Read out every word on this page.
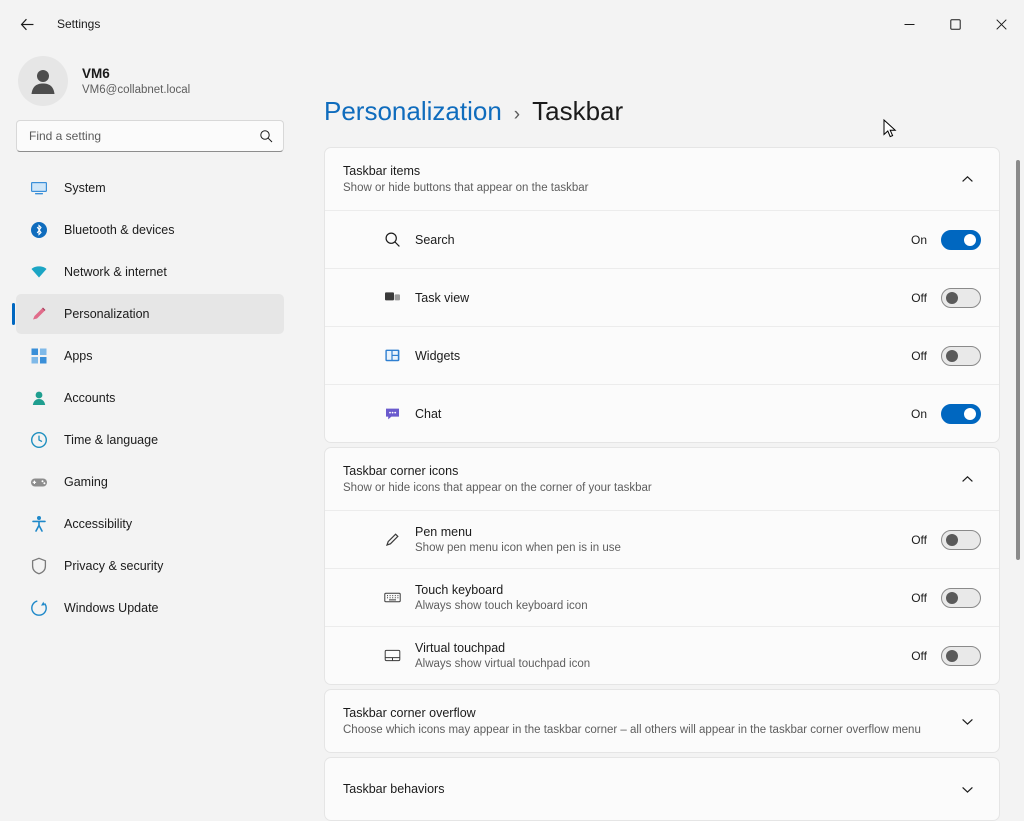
Settings
VM6
VM6@collabnet.local
Find a setting
System
Bluetooth & devices
Network & internet
Personalization
Apps
Accounts
Time & language
Gaming
Accessibility
Privacy & security
Windows Update
Personalization › Taskbar
Taskbar items
Show or hide buttons that appear on the taskbar
Search	On
Task view	Off
Widgets	Off
Chat	On
Taskbar corner icons
Show or hide icons that appear on the corner of your taskbar
Pen menu
Show pen menu icon when pen is in use
Off
Touch keyboard
Always show touch keyboard icon
Off
Virtual touchpad
Always show virtual touchpad icon
Off
Taskbar corner overflow
Choose which icons may appear in the taskbar corner – all others will appear in the taskbar corner overflow menu
Taskbar behaviors
